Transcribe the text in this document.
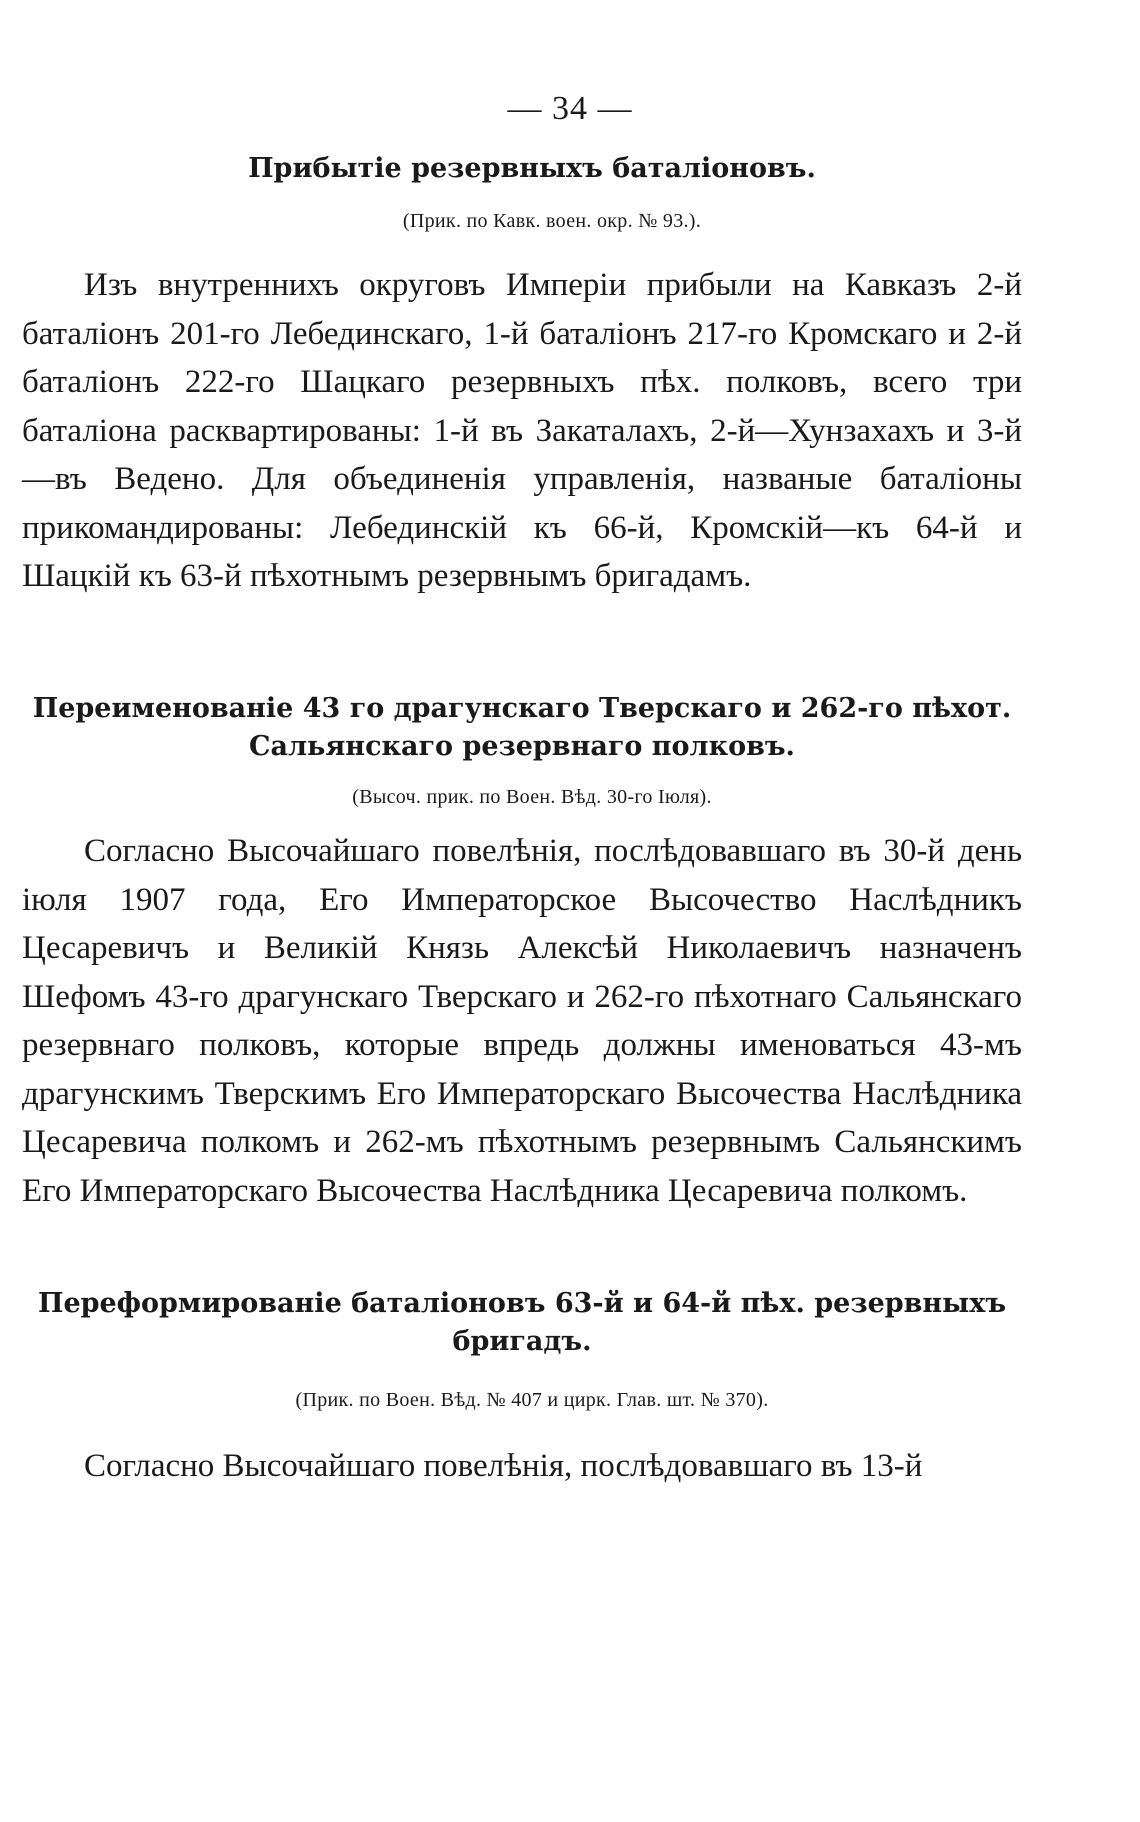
— 34 —

Прибытіе резервныхъ баталіоновъ.

(Прик. по Кавк. воен. окр. № 93.).

Изъ внутреннихъ округовъ Имперіи прибыли на Кавказъ 2-й баталіонъ 201-го Лебединскаго, 1-й баталіонъ 217-го Кромскаго и 2-й баталіонъ 222-го Шацкаго резервныхъ пѣх. полковъ, всего три баталіона расквартированы: 1-й въ Закаталахъ, 2-й—Хунзахахъ и 3-й—въ Ведено. Для объединенія управленія, названые баталіоны прикомандированы: Лебединскій къ 66-й, Кромскій—къ 64-й и Шацкій къ 63-й пѣхотнымъ резервнымъ бригадамъ.

Переименованіе 43 го драгунскаго Тверскаго и 262-го пѣхот.

Сальянскаго резервнаго полковъ.

(Высоч. прик. по Воен. Вѣд. 30-го Іюля).

Согласно Высочайшаго повелѣнія, послѣдовавшаго въ 30-й день іюля 1907 года, Его Императорское Высочество Наслѣдникъ Цесаревичъ и Великій Князь Алексѣй Николаевичъ назначенъ Шефомъ 43-го драгунскаго Тверскаго и 262-го пѣхотнаго Сальянскаго резервнаго полковъ, которые впредь должны именоваться 43-мъ драгунскимъ Тверскимъ Его Императорскаго Высочества Наслѣдника Цесаревича полкомъ и 262-мъ пѣхотнымъ резервнымъ Сальянскимъ Его Императорскаго Высочества Наслѣдника Цесаревича полкомъ.

Переформированіе баталіоновъ 63-й и 64-й пѣх. резервныхъ

бригадъ.

(Прик. по Воен. Вѣд. № 407 и цирк. Глав. шт. № 370).

Согласно Высочайшаго повелѣнія, послѣдовавшаго въ 13-й
